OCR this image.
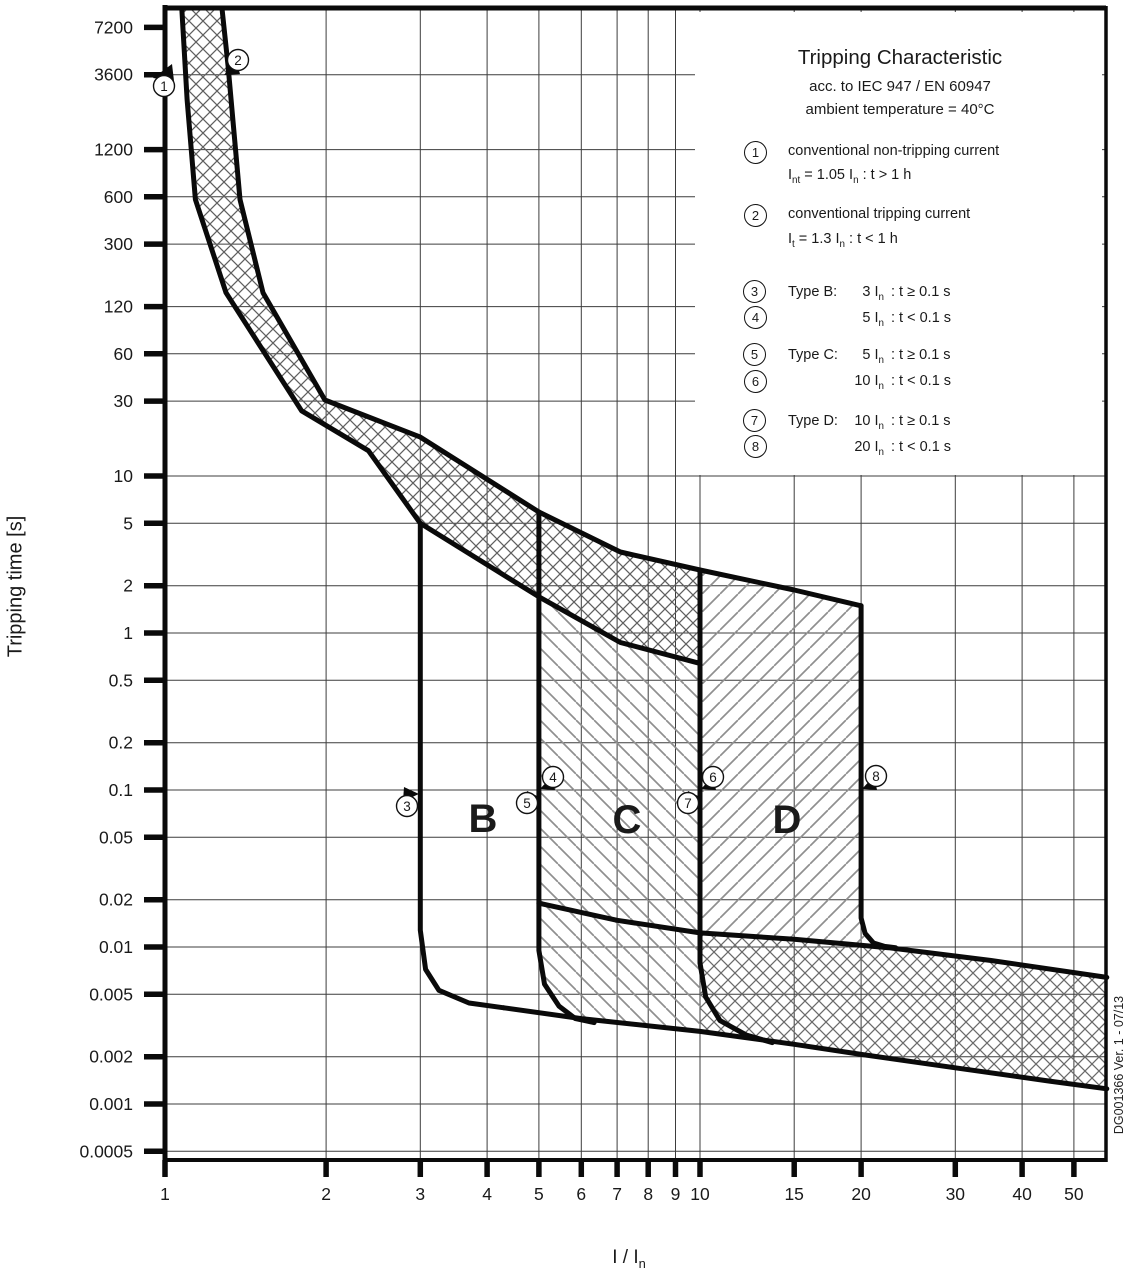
7200
3600
1200
600
300
120
60
30
10
5
2
1
0.5
0.2
0.1
0.05
0.02
0.01
0.005
0.002
0.001
0.0005
1	2	3	4 5 6 7 8 9 10	15	20	30	40 50
B	C	D
1
2
3
4
5
6
7
8
Tripping Characteristic
acc. to IEC 947 / EN 60947
ambient temperature = 40°C
1	conventional non-tripping current
$I_{nt} = 1.05$ $I_n$ : t > 1 h
2	conventional tripping current
$I_t = 1.3$ $I_n$ : t < 1 h
3
4
Type B:	3 $I_n$ : t ≥ 0.1 s
5 $I_n$ : t < 0.1 s
5
6
Type C:	5 $I_n$ : t ≥ 0.1 s
10 $I_n$ : t < 0.1 s
7
8
Type D:	10 $I_n$ : t ≥ 0.1 s
20 $I_n$ : t < 0.1 s
Tripping time [s]
I / $I_n$
DG001366 Ver. 1 - 07/13
